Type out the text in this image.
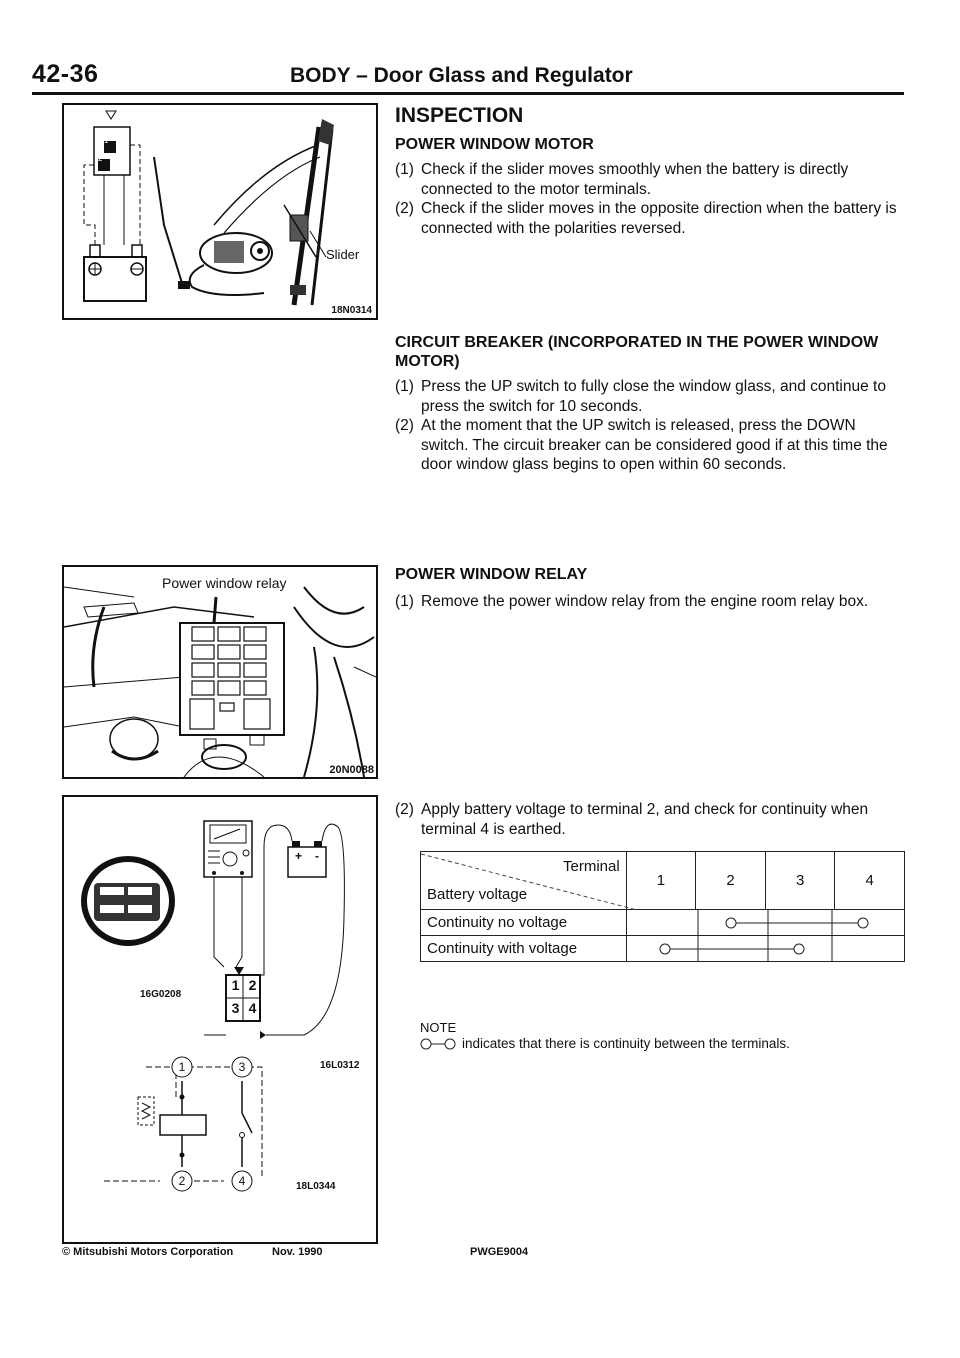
42-36	BODY – Door Glass and Regulator
1
2
Slider
18N0314
Power window relay
20N0088
1 2
3 4
+ -
1	3
2	4
16G0208
16L0312
18L0344
INSPECTION
POWER WINDOW MOTOR
(1) Check if the slider moves smoothly when the battery is directly connected to the motor terminals.
(2) Check if the slider moves in the opposite direction when the battery is connected with the polarities reversed.
CIRCUIT BREAKER (INCORPORATED IN THE POWER WINDOW MOTOR)
(1) Press the UP switch to fully close the window glass, and continue to press the switch for 10 seconds.
(2) At the moment that the UP switch is released, press the DOWN switch. The circuit breaker can be considered good if at this time the door window glass begins to open within 60 seconds.
POWER WINDOW RELAY
(1) Remove the power window relay from the engine room relay box.
(2) Apply battery voltage to terminal 2, and check for continuity when terminal 4 is earthed.
Terminal
Battery voltage	1	2	3	4
Continuity no voltage	

Continuity with voltage	
NOTE
indicates that there is continuity between the terminals.
© Mitsubishi Motors Corporation	Nov. 1990	PWGE9004
